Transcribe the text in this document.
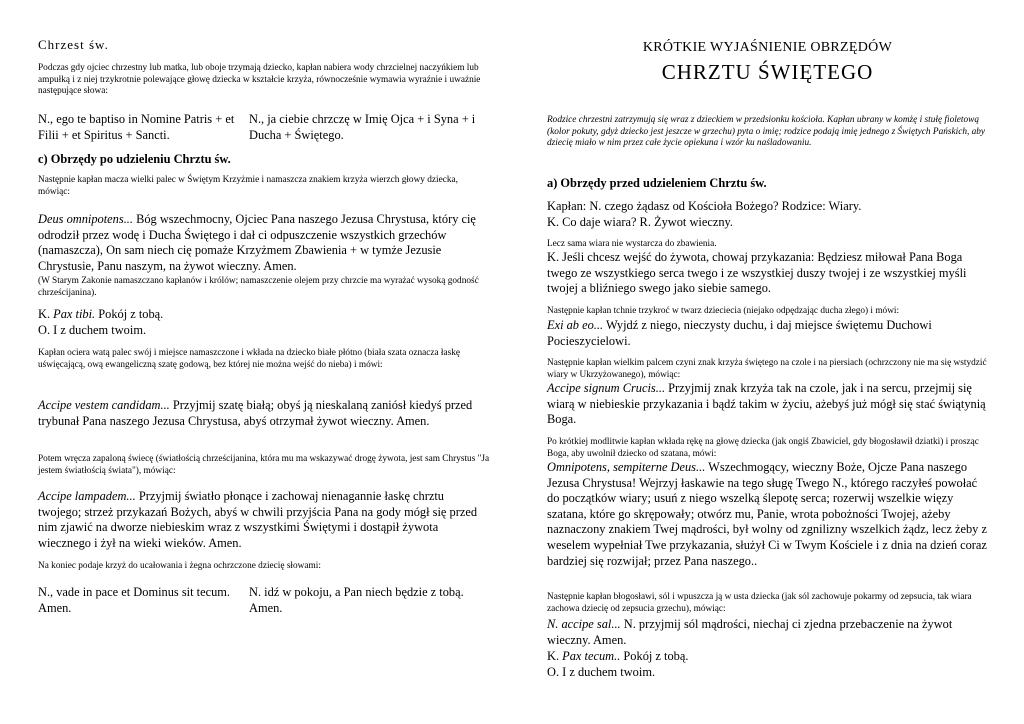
Chrzest św.

Podczas gdy ojciec chrzestny lub matka, lub oboje trzymają dziecko, kapłan nabiera wody chrzcielnej naczyńkiem lub ampułką i z niej trzykrotnie polewające głowę dziecka w kształcie krzyża, równocześnie wymawia wyraźnie i uważnie następujące słowa:

N., ego te baptiso in Nomine Patris + et Filii + et Spiritus + Sancti.
N., ja ciebie chrzczę w Imię Ojca + i Syna + i Ducha + Świętego.

c) Obrzędy po udzieleniu Chrztu św.

Następnie kapłan macza wielki palec w Świętym Krzyżmie i namaszcza znakiem krzyża wierzch głowy dziecka, mówiąc:

Deus omnipotens... Bóg wszechmocny, Ojciec Pana naszego Jezusa Chrystusa, który cię odrodził przez wodę i Ducha Świętego i dał ci odpuszczenie wszystkich grzechów (namaszcza), On sam niech cię pomaże Krzyżmem Zbawienia + w tymże Jezusie Chrystusie, Panu naszym, na żywot wieczny. Amen.

(W Starym Zakonie namaszczano kapłanów i królów; namaszczenie olejem przy chrzcie ma wyrażać wysoką godność chrześcijanina).

K. Pax tibi. Pokój z tobą.

O. I z duchem twoim.

Kapłan ociera watą palec swój i miejsce namaszczone i wkłada na dziecko białe płótno (biała szata oznacza łaskę uświęcającą, ową ewangeliczną szatę godową, bez której nie można wejść do nieba) i mówi:

Accipe vestem candidam... Przyjmij szatę białą; obyś ją nieskalaną zaniósł kiedyś przed trybunał Pana naszego Jezusa Chrystusa, abyś otrzymał żywot wieczny. Amen.

Potem wręcza zapaloną świecę (światłością chrześcijanina, która mu ma wskazywać drogę żywota, jest sam Chrystus "Ja jestem światłością świata"), mówiąc:

Accipe lampadem... Przyjmij światło płonące i zachowaj nienagannie łaskę chrztu twojego; strzeż przykazań Bożych, abyś w chwili przyjścia Pana na gody mógł się przed nim zjawić na dworze niebieskim wraz z wszystkimi Świętymi i dostąpił żywota wiecznego i żył na wieki wieków. Amen.

Na koniec podaje krzyż do ucałowania i żegna ochrzczone dziecię słowami:

N., vade in pace et Dominus sit tecum. Amen.
N. idź w pokoju, a Pan niech będzie z tobą. Amen.
KRÓTKIE WYJAŚNIENIE OBRZĘDÓW
CHRZTU ŚWIĘTEGO

Rodzice chrzestni zatrzymują się wraz z dzieckiem w przedsionku kościoła. Kapłan ubrany w komżę i stułę fioletową (kolor pokuty, gdyż dziecko jest jeszcze w grzechu) pyta o imię; rodzice podają imię jednego z Świętych Pańskich, aby dziecię miało w nim przez całe życie opiekuna i wzór ku naśladowaniu.

a) Obrzędy przed udzieleniem Chrztu św.

Kapłan: N. czego żądasz od Kościoła Bożego? Rodzice: Wiary.

K. Co daje wiara? R. Żywot wieczny.

Lecz sama wiara nie wystarcza do zbawienia.

K. Jeśli chcesz wejść do żywota, chowaj przykazania: Będziesz miłował Pana Boga twego ze wszystkiego serca twego i ze wszystkiej duszy twojej i ze wszystkiej myśli twojej a bliźniego swego jako siebie samego.

Następnie kapłan tchnie trzykroć w twarz dzieciecia (niejako odpędzając ducha złego) i mówi:

Exi ab eo... Wyjdź z niego, nieczysty duchu, i daj miejsce świętemu Duchowi Pocieszycielowi.

Następnie kapłan wielkim palcem czyni znak krzyża świętego na czole i na piersiach (ochrzczony nie ma się wstydzić wiary w Ukrzyżowanego), mówiąc:

Accipe signum Crucis... Przyjmij znak krzyża tak na czole, jak i na sercu, przejmij się wiarą w niebieskie przykazania i bądź takim w życiu, ażebyś już mógł się stać świątynią Boga.

Po krótkiej modlitwie kapłan wkłada rękę na głowę dziecka (jak ongiś Zbawiciel, gdy błogosławił dziatki) i prosząc Boga, aby uwolnił dziecko od szatana, mówi:

Omnipotens, sempiterne Deus... Wszechmogący, wieczny Boże, Ojcze Pana naszego Jezusa Chrystusa! Wejrzyj łaskawie na tego sługę Twego N., którego raczyłeś powołać do początków wiary; usuń z niego wszelką ślepotę serca; rozerwij wszelkie więzy szatana, które go skrępowały; otwórz mu, Panie, wrota pobożności Twojej, ażeby naznaczony znakiem Twej mądrości, był wolny od zgnilizny wszelkich żądz, lecz żeby z weselem wypełniał Twe przykazania, służył Ci w Twym Kościele i z dnia na dzień coraz bardziej się rozwijał; przez Pana naszego..

Następnie kapłan błogosławi, sól i wpuszcza ją w usta dziecka (jak sól zachowuje pokarmy od zepsucia, tak wiara zachowa dziecię od zepsucia grzechu), mówiąc:

N. accipe sal... N. przyjmij sól mądrości, niechaj ci zjedna przebaczenie na żywot wieczny. Amen.

K. Pax tecum.. Pokój z tobą.

O. I z duchem twoim.
